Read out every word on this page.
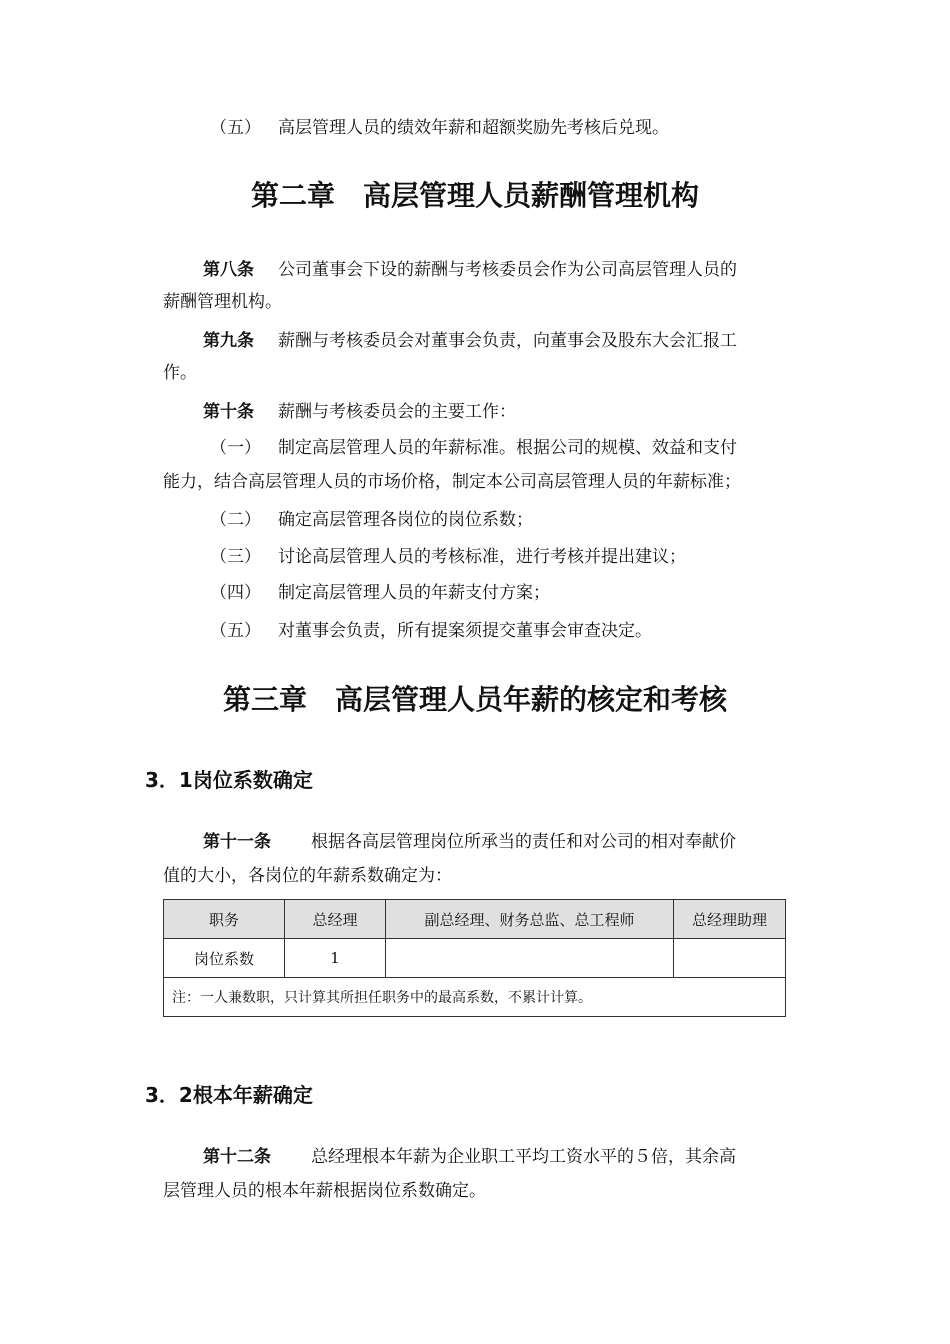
（五） 高层管理人员的绩效年薪和超额奖励先考核后兑现。
第二章　高层管理人员薪酬管理机构
第八条 公司董事会下设的薪酬与考核委员会作为公司高层管理人员的
薪酬管理机构。
第九条 薪酬与考核委员会对董事会负责，向董事会及股东大会汇报工
作。
第十条 薪酬与考核委员会的主要工作：
（一） 制定高层管理人员的年薪标准。根据公司的规模、效益和支付
能力，结合高层管理人员的市场价格，制定本公司高层管理人员的年薪标准；
（二） 确定高层管理各岗位的岗位系数；
（三） 讨论高层管理人员的考核标准，进行考核并提出建议；
（四） 制定高层管理人员的年薪支付方案；
（五） 对董事会负责，所有提案须提交董事会审查决定。
第三章　高层管理人员年薪的核定和考核
3．1岗位系数确定
第十一条 根据各高层管理岗位所承当的责任和对公司的相对奉献价
值的大小，各岗位的年薪系数确定为：
职务	总经理	副总经理、财务总监、总工程师	总经理助理
岗位系数	1		
注：一人兼数职，只计算其所担任职务中的最高系数，不累计计算。			
3．2根本年薪确定
第十二条 总经理根本年薪为企业职工平均工资水平的５倍，其余高
层管理人员的根本年薪根据岗位系数确定。
